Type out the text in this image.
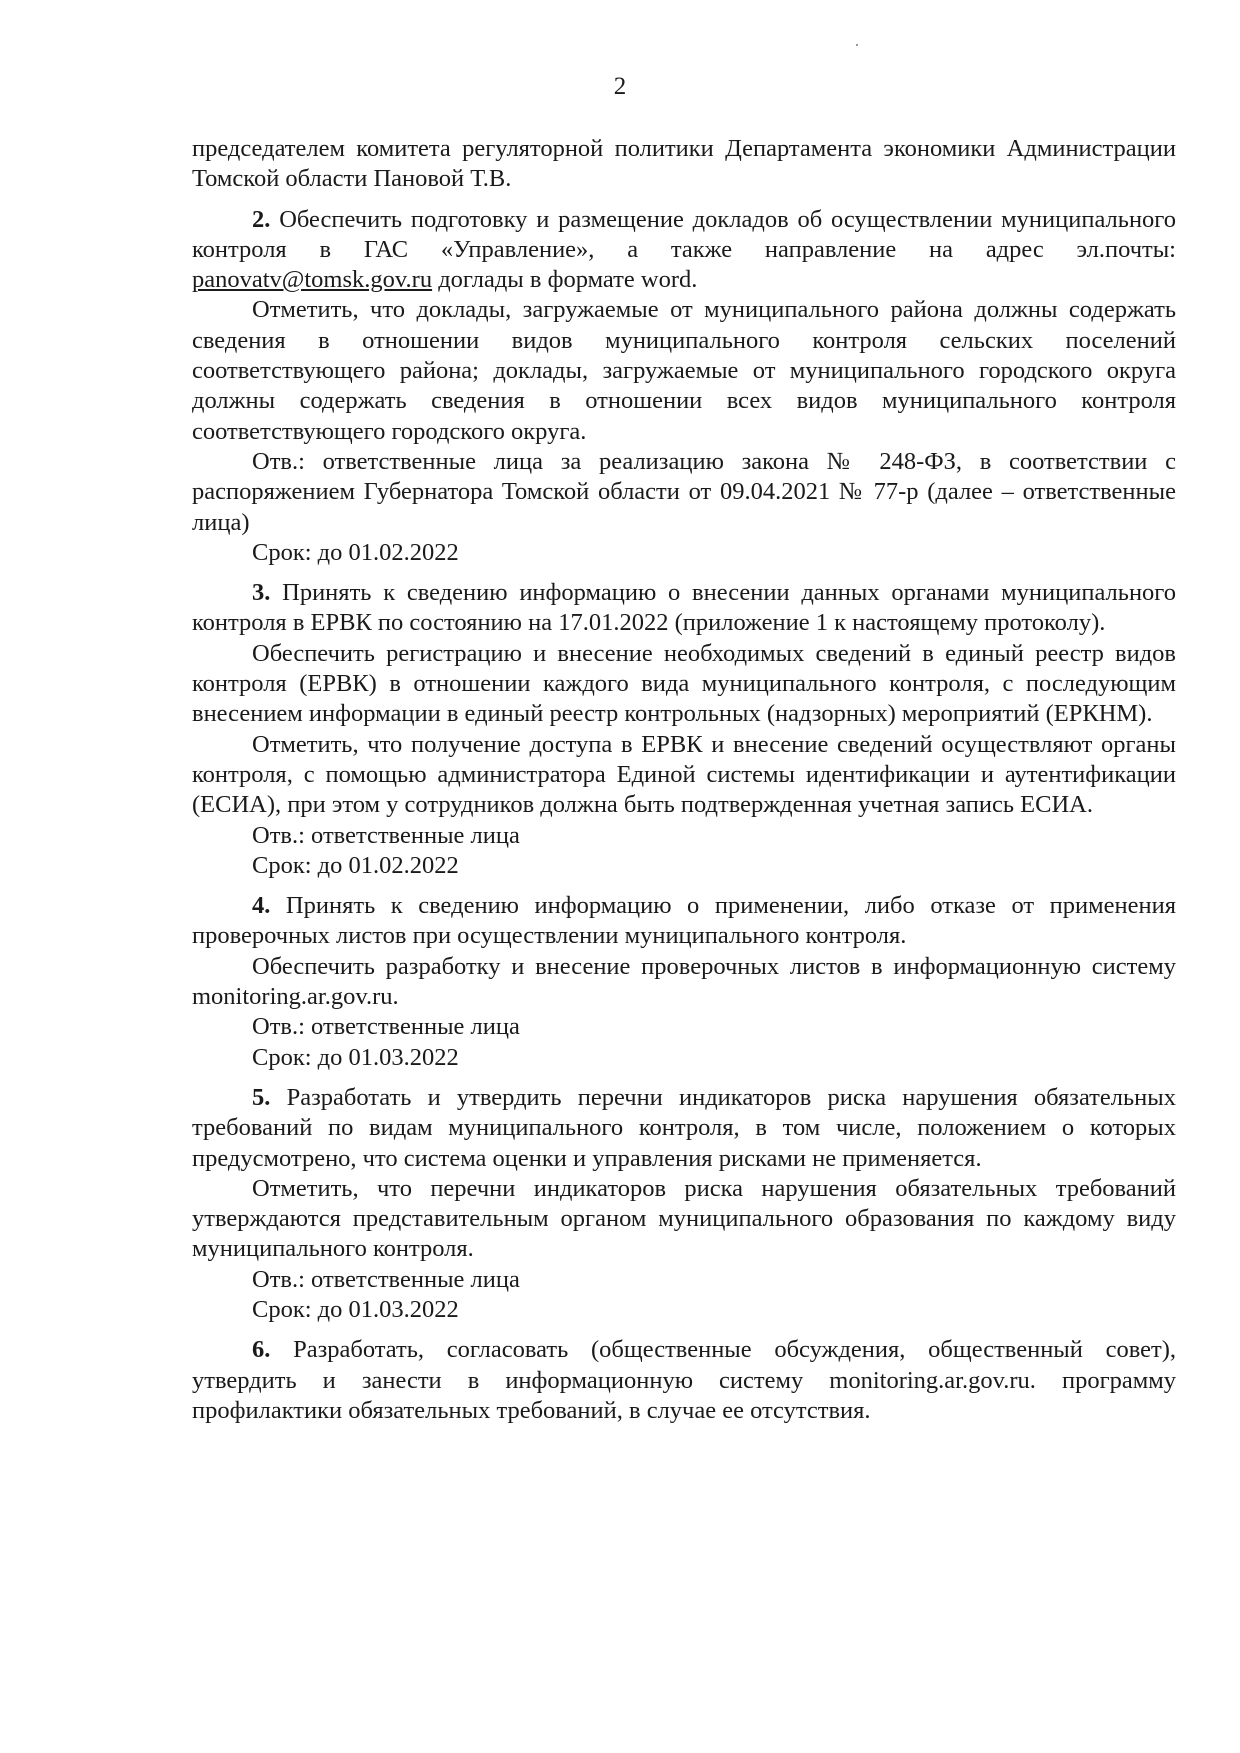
2

председателем комитета регуляторной политики Департамента экономики Администрации Томской области Пановой Т.В.

2. Обеспечить подготовку и размещение докладов об осуществлении муниципального контроля в ГАС «Управление», а также направление на адрес эл.почты: panovatv@tomsk.gov.ru доглады в формате word.

Отметить, что доклады, загружаемые от муниципального района должны содержать сведения в отношении видов муниципального контроля сельских поселений соответствующего района; доклады, загружаемые от муниципального городского округа должны содержать сведения в отношении всех видов муниципального контроля соответствующего городского округа.

Отв.: ответственные лица за реализацию закона № 248-ФЗ, в соответствии с распоряжением Губернатора Томской области от 09.04.2021 № 77-р (далее – ответственные лица)

Срок: до 01.02.2022

3. Принять к сведению информацию о внесении данных органами муниципального контроля в ЕРВК по состоянию на 17.01.2022 (приложение 1 к настоящему протоколу).

Обеспечить регистрацию и внесение необходимых сведений в единый реестр видов контроля (ЕРВК) в отношении каждого вида муниципального контроля, с последующим внесением информации в единый реестр контрольных (надзорных) мероприятий (ЕРКНМ).

Отметить, что получение доступа в ЕРВК и внесение сведений осуществляют органы контроля, с помощью администратора Единой системы идентификации и аутентификации (ЕСИА), при этом у сотрудников должна быть подтвержденная учетная запись ЕСИА.

Отв.: ответственные лица

Срок: до 01.02.2022

4. Принять к сведению информацию о применении, либо отказе от применения проверочных листов при осуществлении муниципального контроля.

Обеспечить разработку и внесение проверочных листов в информационную систему monitoring.ar.gov.ru.

Отв.: ответственные лица

Срок: до 01.03.2022

5. Разработать и утвердить перечни индикаторов риска нарушения обязательных требований по видам муниципального контроля, в том числе, положением о которых предусмотрено, что система оценки и управления рисками не применяется.

Отметить, что перечни индикаторов риска нарушения обязательных требований утверждаются представительным органом муниципального образования по каждому виду муниципального контроля.

Отв.: ответственные лица

Срок: до 01.03.2022

6. Разработать, согласовать (общественные обсуждения, общественный совет), утвердить и занести в информационную систему monitoring.ar.gov.ru. программу профилактики обязательных требований, в случае ее отсутствия.
